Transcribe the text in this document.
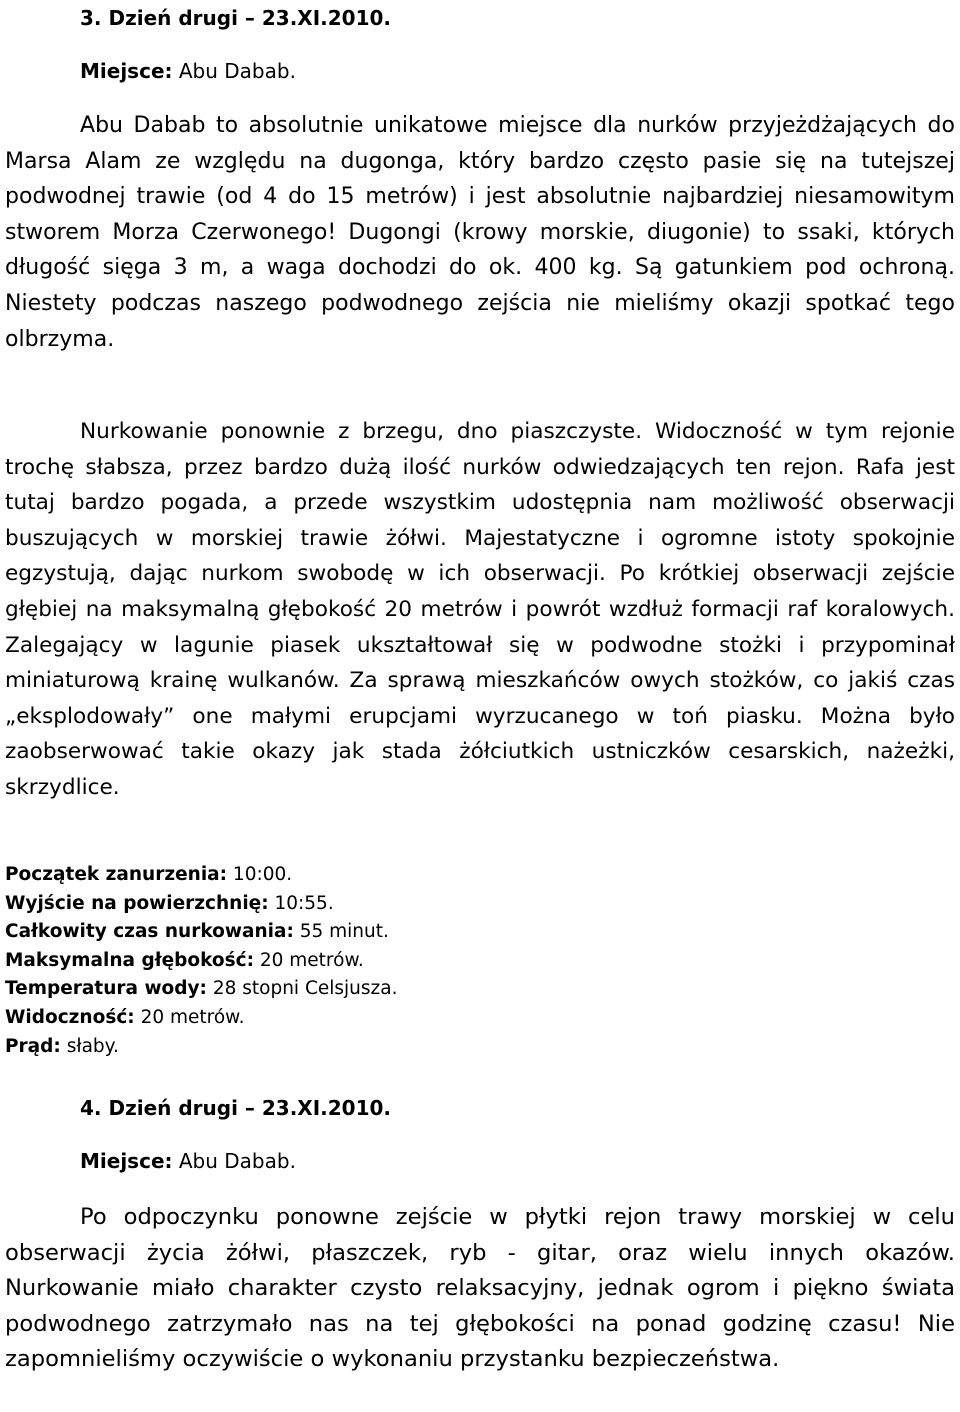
3. Dzień drugi – 23.XI.2010.
Miejsce: Abu Dabab.

Abu Dabab to absolutnie unikatowe miejsce dla nurków przyjeżdżających do Marsa Alam ze względu na dugonga, który bardzo często pasie się na tutejszej podwodnej trawie (od 4 do 15 metrów) i jest absolutnie najbardziej niesamowitym stworem Morza Czerwonego! Dugongi (krowy morskie, diugonie) to ssaki, których długość sięga 3 m, a waga dochodzi do ok. 400 kg. Są gatunkiem pod ochroną. Niestety podczas naszego podwodnego zejścia nie mieliśmy okazji spotkać tego olbrzyma.

Nurkowanie ponownie z brzegu, dno piaszczyste. Widoczność w tym rejonie trochę słabsza, przez bardzo dużą ilość nurków odwiedzających ten rejon. Rafa jest tutaj bardzo pogada, a przede wszystkim udostępnia nam możliwość obserwacji buszujących w morskiej trawie żółwi. Majestatyczne i ogromne istoty spokojnie egzystują, dając nurkom swobodę w ich obserwacji. Po krótkiej obserwacji zejście głębiej na maksymalną głębokość 20 metrów i powrót wzdłuż formacji raf koralowych. Zalegający w lagunie piasek ukształtował się w podwodne stożki i przypominał miniaturową krainę wulkanów. Za sprawą mieszkańców owych stożków, co jakiś czas „eksplodowały” one małymi erupcjami wyrzucanego w toń piasku. Można było zaobserwować takie okazy jak stada żółciutkich ustniczków cesarskich, nażeżki, skrzydlice.

Początek zanurzenia: 10:00.
Wyjście na powierzchnię: 10:55.
Całkowity czas nurkowania: 55 minut.
Maksymalna głębokość: 20 metrów.
Temperatura wody: 28 stopni Celsjusza.
Widoczność: 20 metrów.
Prąd: słaby.
4. Dzień drugi – 23.XI.2010.
Miejsce: Abu Dabab.

Po odpoczynku ponowne zejście w płytki rejon trawy morskiej w celu obserwacji życia żółwi, płaszczek, ryb - gitar, oraz wielu innych okazów. Nurkowanie miało charakter czysto relaksacyjny, jednak ogrom i piękno świata podwodnego zatrzymało nas na tej głębokości na ponad godzinę czasu! Nie zapomnieliśmy oczywiście o wykonaniu przystanku bezpieczeństwa.
